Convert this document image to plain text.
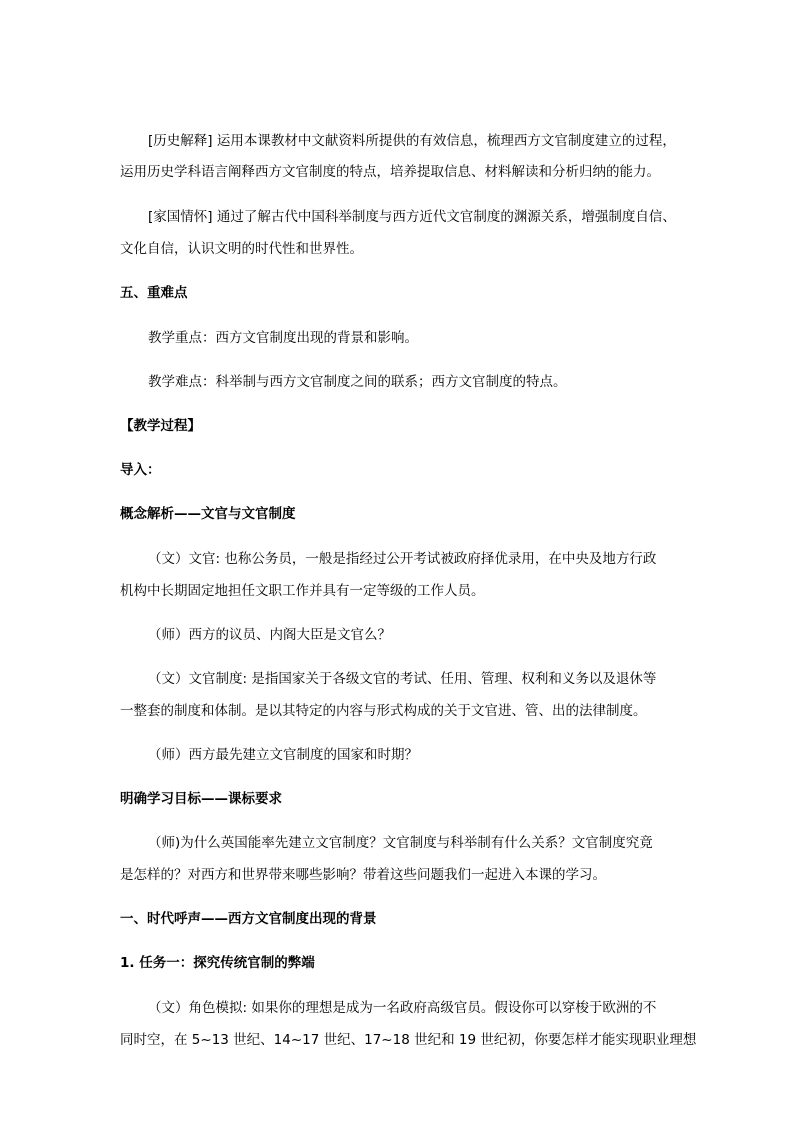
[历史解释] 运用本课教材中文献资料所提供的有效信息，梳理西方文官制度建立的过程，
运用历史学科语言阐释西方文官制度的特点，培养提取信息、材料解读和分析归纳的能力。
[家国情怀] 通过了解古代中国科举制度与西方近代文官制度的渊源关系，增强制度自信、
文化自信，认识文明的时代性和世界性。
五、重难点
教学重点：西方文官制度出现的背景和影响。
教学难点：科举制与西方文官制度之间的联系；西方文官制度的特点。
【教学过程】
导入：
概念解析——文官与文官制度
（文）文官: 也称公务员，一般是指经过公开考试被政府择优录用，在中央及地方行政
机构中长期固定地担任文职工作并具有一定等级的工作人员。
（师）西方的议员、内阁大臣是文官么？
（文）文官制度: 是指国家关于各级文官的考试、任用、管理、权利和义务以及退休等
一整套的制度和体制。是以其特定的内容与形式构成的关于文官进、管、出的法律制度。
（师）西方最先建立文官制度的国家和时期？
明确学习目标——课标要求
（师)为什么英国能率先建立文官制度？文官制度与科举制有什么关系？文官制度究竟
是怎样的？对西方和世界带来哪些影响？带着这些问题我们一起进入本课的学习。
一、时代呼声——西方文官制度出现的背景
1. 任务一：探究传统官制的弊端
（文）角色模拟: 如果你的理想是成为一名政府高级官员。假设你可以穿梭于欧洲的不
同时空，在 5~13 世纪、14~17 世纪、17~18 世纪和 19 世纪初，你要怎样才能实现职业理想
